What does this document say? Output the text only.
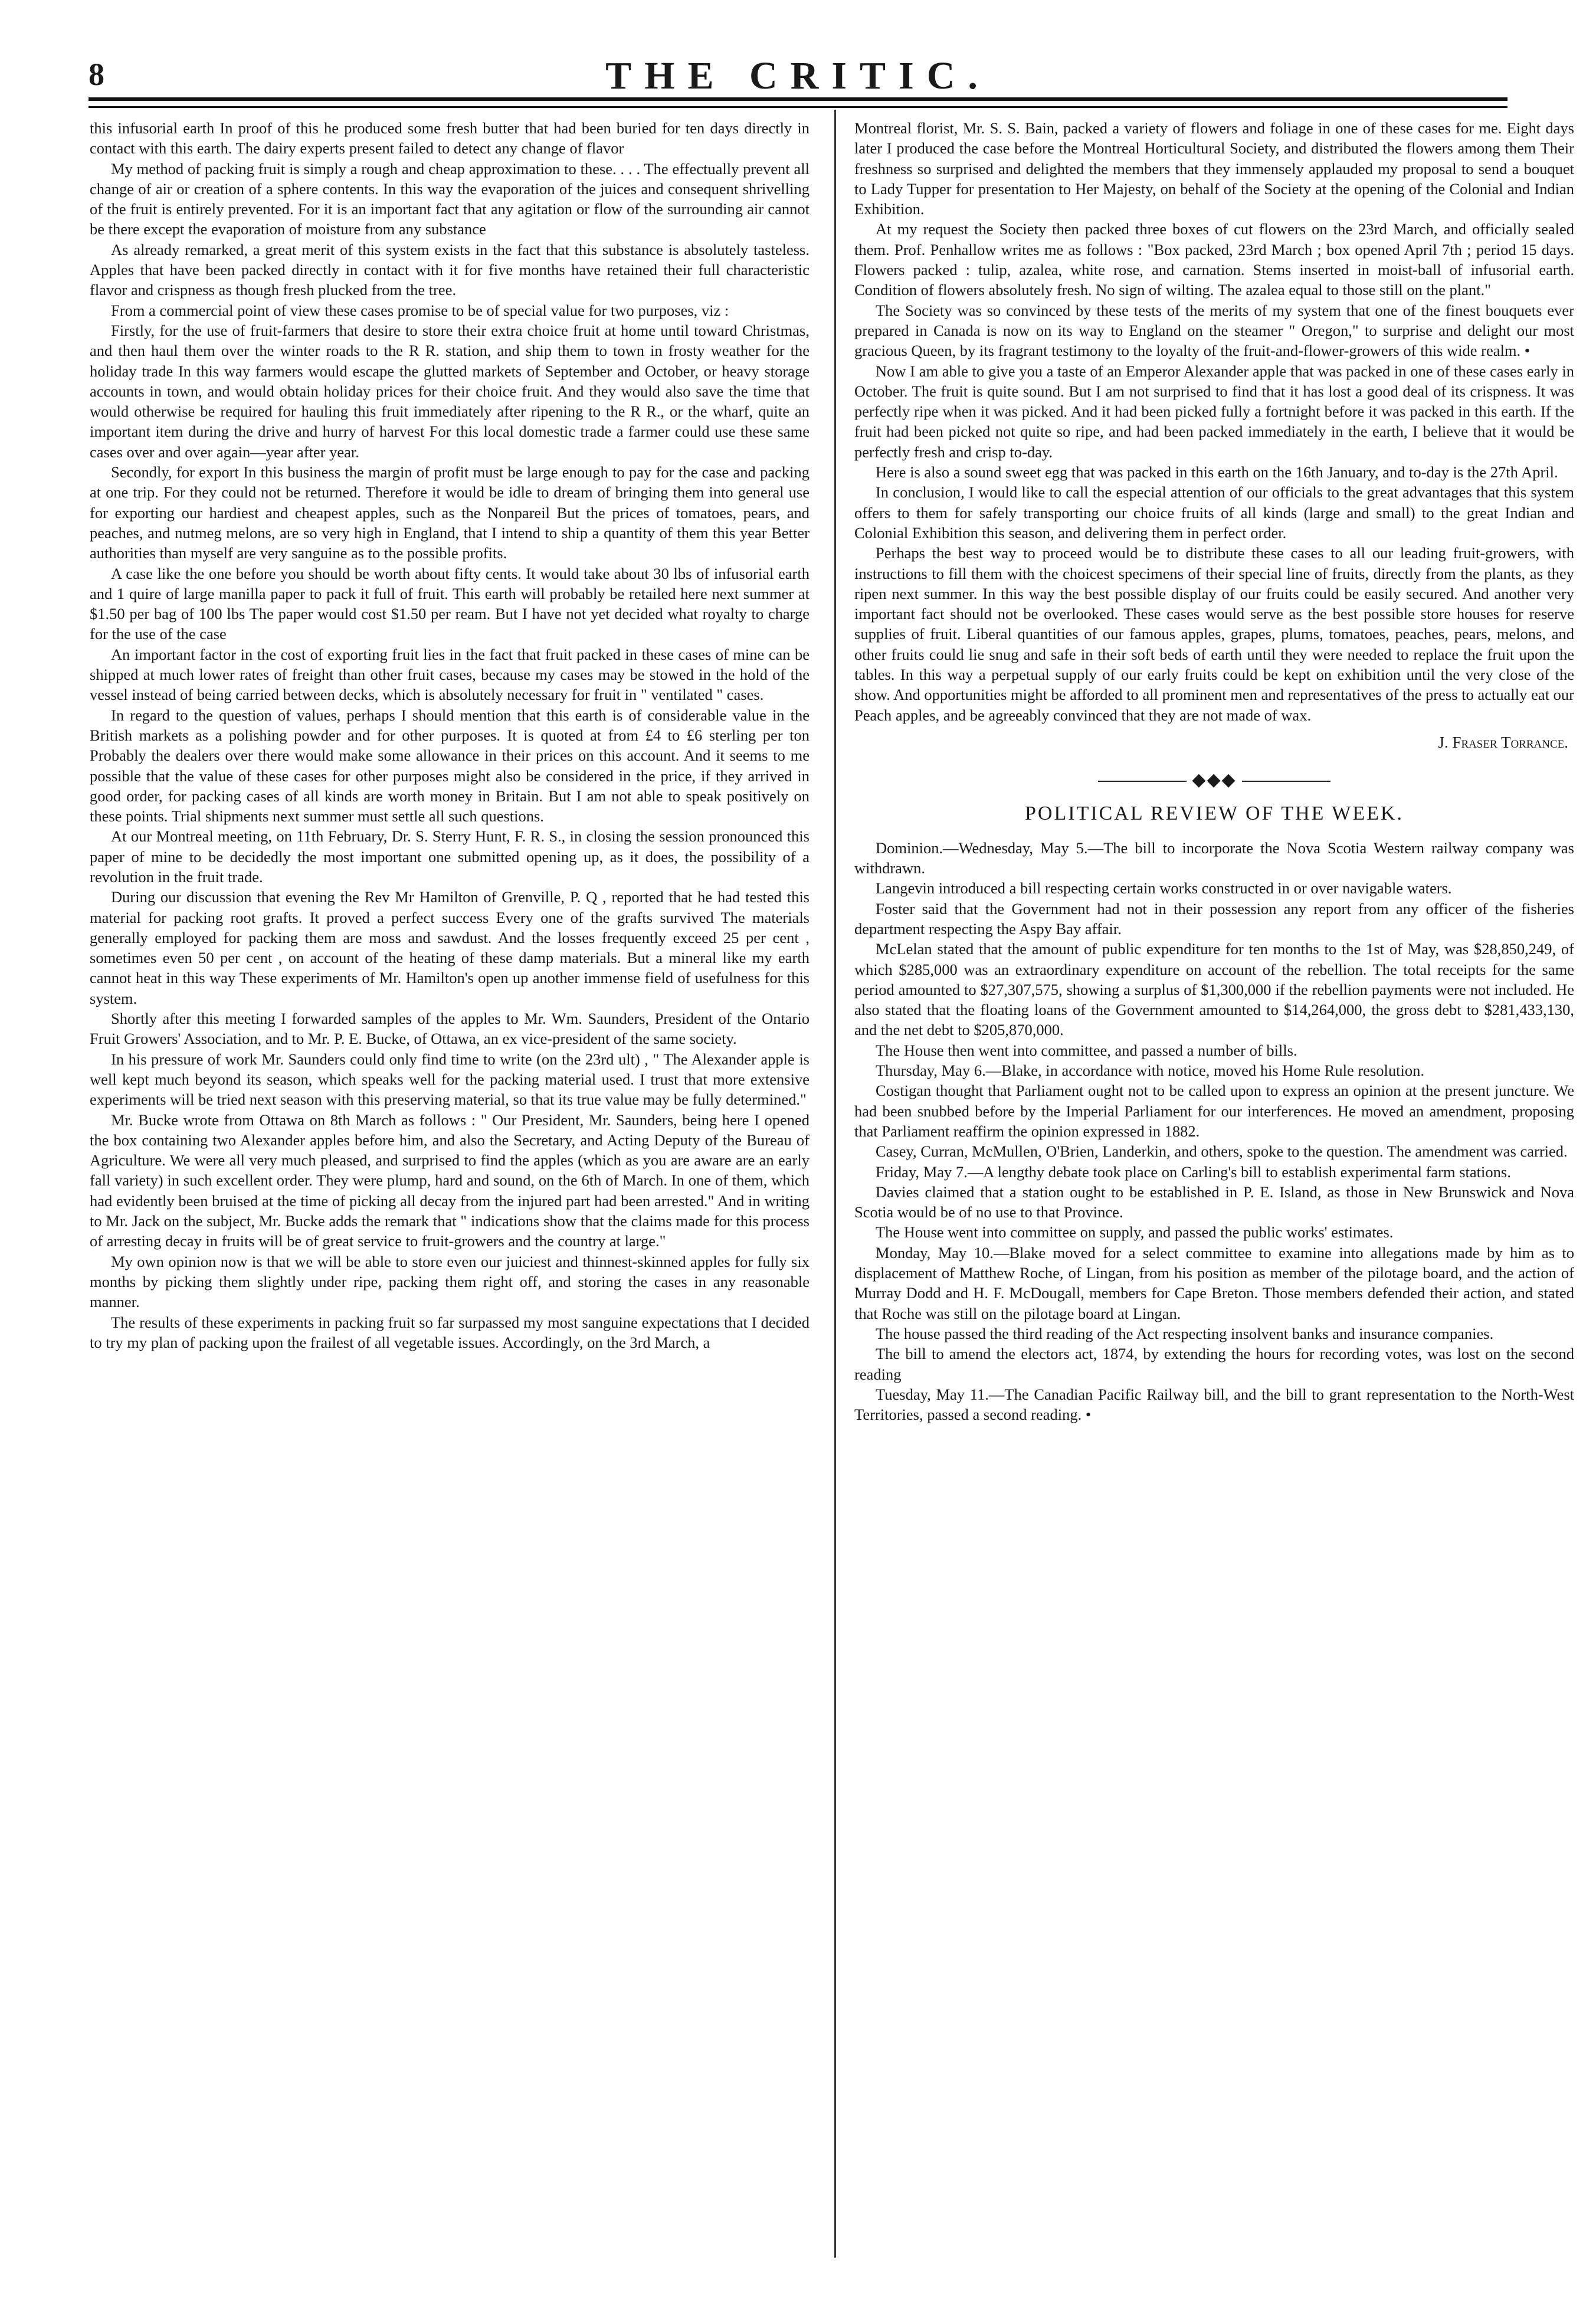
8	THE CRITIC.

this infusorial earth In proof of this he produced some fresh butter that had been buried for ten days directly in contact with this earth. The dairy experts present failed to detect any change of flavor

My method of packing fruit is simply a rough and cheap approximation to these. . . . The effectually prevent all change of air or creation of a sphere contents. In this way the evaporation of the juices and consequent shrivelling of the fruit is entirely prevented. For it is an important fact that any agitation or flow of the surrounding air cannot be there except the evaporation of moisture from any substance

As already remarked, a great merit of this system exists in the fact that this substance is absolutely tasteless. Apples that have been packed directly in contact with it for five months have retained their full characteristic flavor and crispness as though fresh plucked from the tree.

From a commercial point of view these cases promise to be of special value for two purposes, viz :

Firstly, for the use of fruit-farmers that desire to store their extra choice fruit at home until toward Christmas, and then haul them over the winter roads to the R R. station, and ship them to town in frosty weather for the holiday trade In this way farmers would escape the glutted markets of September and October, or heavy storage accounts in town, and would obtain holiday prices for their choice fruit. And they would also save the time that would otherwise be required for hauling this fruit immediately after ripening to the R R., or the wharf, quite an important item during the drive and hurry of harvest For this local domestic trade a farmer could use these same cases over and over again—year after year.

Secondly, for export In this business the margin of profit must be large enough to pay for the case and packing at one trip. For they could not be returned. Therefore it would be idle to dream of bringing them into general use for exporting our hardiest and cheapest apples, such as the Nonpareil But the prices of tomatoes, pears, and peaches, and nutmeg melons, are so very high in England, that I intend to ship a quantity of them this year Better authorities than myself are very sanguine as to the possible profits.

A case like the one before you should be worth about fifty cents. It would take about 30 lbs of infusorial earth and 1 quire of large manilla paper to pack it full of fruit. This earth will probably be retailed here next summer at $1.50 per bag of 100 lbs The paper would cost $1.50 per ream. But I have not yet decided what royalty to charge for the use of the case

An important factor in the cost of exporting fruit lies in the fact that fruit packed in these cases of mine can be shipped at much lower rates of freight than other fruit cases, because my cases may be stowed in the hold of the vessel instead of being carried between decks, which is absolutely necessary for fruit in " ventilated " cases.

In regard to the question of values, perhaps I should mention that this earth is of considerable value in the British markets as a polishing powder and for other purposes. It is quoted at from £4 to £6 sterling per ton Probably the dealers over there would make some allowance in their prices on this account. And it seems to me possible that the value of these cases for other purposes might also be considered in the price, if they arrived in good order, for packing cases of all kinds are worth money in Britain. But I am not able to speak positively on these points. Trial shipments next summer must settle all such questions.

At our Montreal meeting, on 11th February, Dr. S. Sterry Hunt, F. R. S., in closing the session pronounced this paper of mine to be decidedly the most important one submitted opening up, as it does, the possibility of a revolution in the fruit trade.

During our discussion that evening the Rev Mr Hamilton of Grenville, P. Q , reported that he had tested this material for packing root grafts. It proved a perfect success Every one of the grafts survived The materials generally employed for packing them are moss and sawdust. And the losses frequently exceed 25 per cent , sometimes even 50 per cent , on account of the heating of these damp materials. But a mineral like my earth cannot heat in this way These experiments of Mr. Hamilton's open up another immense field of usefulness for this system.

Shortly after this meeting I forwarded samples of the apples to Mr. Wm. Saunders, President of the Ontario Fruit Growers' Association, and to Mr. P. E. Bucke, of Ottawa, an ex vice-president of the same society.

In his pressure of work Mr. Saunders could only find time to write (on the 23rd ult) , " The Alexander apple is well kept much beyond its season, which speaks well for the packing material used. I trust that more extensive experiments will be tried next season with this preserving material, so that its true value may be fully determined."

Mr. Bucke wrote from Ottawa on 8th March as follows : " Our President, Mr. Saunders, being here I opened the box containing two Alexander apples before him, and also the Secretary, and Acting Deputy of the Bureau of Agriculture. We were all very much pleased, and surprised to find the apples (which as you are aware are an early fall variety) in such excellent order. They were plump, hard and sound, on the 6th of March. In one of them, which had evidently been bruised at the time of picking all decay from the injured part had been arrested." And in writing to Mr. Jack on the subject, Mr. Bucke adds the remark that " indications show that the claims made for this process of arresting decay in fruits will be of great service to fruit-growers and the country at large."

My own opinion now is that we will be able to store even our juiciest and thinnest-skinned apples for fully six months by picking them slightly under ripe, packing them right off, and storing the cases in any reasonable manner.

The results of these experiments in packing fruit so far surpassed my most sanguine expectations that I decided to try my plan of packing upon the frailest of all vegetable issues. Accordingly, on the 3rd March, a

Montreal florist, Mr. S. S. Bain, packed a variety of flowers and foliage in one of these cases for me. Eight days later I produced the case before the Montreal Horticultural Society, and distributed the flowers among them Their freshness so surprised and delighted the members that they immensely applauded my proposal to send a bouquet to Lady Tupper for presentation to Her Majesty, on behalf of the Society at the opening of the Colonial and Indian Exhibition.

At my request the Society then packed three boxes of cut flowers on the 23rd March, and officially sealed them. Prof. Penhallow writes me as follows : "Box packed, 23rd March ; box opened April 7th ; period 15 days. Flowers packed : tulip, azalea, white rose, and carnation. Stems inserted in moist-ball of infusorial earth. Condition of flowers absolutely fresh. No sign of wilting. The azalea equal to those still on the plant."

The Society was so convinced by these tests of the merits of my system that one of the finest bouquets ever prepared in Canada is now on its way to England on the steamer " Oregon," to surprise and delight our most gracious Queen, by its fragrant testimony to the loyalty of the fruit-and-flower-growers of this wide realm. •

Now I am able to give you a taste of an Emperor Alexander apple that was packed in one of these cases early in October. The fruit is quite sound. But I am not surprised to find that it has lost a good deal of its crispness. It was perfectly ripe when it was picked. And it had been picked fully a fortnight before it was packed in this earth. If the fruit had been picked not quite so ripe, and had been packed immediately in the earth, I believe that it would be perfectly fresh and crisp to-day.

Here is also a sound sweet egg that was packed in this earth on the 16th January, and to-day is the 27th April.

In conclusion, I would like to call the especial attention of our officials to the great advantages that this system offers to them for safely transporting our choice fruits of all kinds (large and small) to the great Indian and Colonial Exhibition this season, and delivering them in perfect order.

Perhaps the best way to proceed would be to distribute these cases to all our leading fruit-growers, with instructions to fill them with the choicest specimens of their special line of fruits, directly from the plants, as they ripen next summer. In this way the best possible display of our fruits could be easily secured. And another very important fact should not be overlooked. These cases would serve as the best possible store houses for reserve supplies of fruit. Liberal quantities of our famous apples, grapes, plums, tomatoes, peaches, pears, melons, and other fruits could lie snug and safe in their soft beds of earth until they were needed to replace the fruit upon the tables. In this way a perpetual supply of our early fruits could be kept on exhibition until the very close of the show. And opportunities might be afforded to all prominent men and representatives of the press to actually eat our Peach apples, and be agreeably convinced that they are not made of wax.

J. Fraser Torrance.
◆◆◆
POLITICAL REVIEW OF THE WEEK.

Dominion.—Wednesday, May 5.—The bill to incorporate the Nova Scotia Western railway company was withdrawn.

Langevin introduced a bill respecting certain works constructed in or over navigable waters.

Foster said that the Government had not in their possession any report from any officer of the fisheries department respecting the Aspy Bay affair.

McLelan stated that the amount of public expenditure for ten months to the 1st of May, was $28,850,249, of which $285,000 was an extraordinary expenditure on account of the rebellion. The total receipts for the same period amounted to $27,307,575, showing a surplus of $1,300,000 if the rebellion payments were not included. He also stated that the floating loans of the Government amounted to $14,264,000, the gross debt to $281,433,130, and the net debt to $205,870,000.

The House then went into committee, and passed a number of bills.

Thursday, May 6.—Blake, in accordance with notice, moved his Home Rule resolution.

Costigan thought that Parliament ought not to be called upon to express an opinion at the present juncture. We had been snubbed before by the Imperial Parliament for our interferences. He moved an amendment, proposing that Parliament reaffirm the opinion expressed in 1882.

Casey, Curran, McMullen, O'Brien, Landerkin, and others, spoke to the question. The amendment was carried.

Friday, May 7.—A lengthy debate took place on Carling's bill to establish experimental farm stations.

Davies claimed that a station ought to be established in P. E. Island, as those in New Brunswick and Nova Scotia would be of no use to that Province.

The House went into committee on supply, and passed the public works' estimates.

Monday, May 10.—Blake moved for a select committee to examine into allegations made by him as to displacement of Matthew Roche, of Lingan, from his position as member of the pilotage board, and the action of Murray Dodd and H. F. McDougall, members for Cape Breton. Those members defended their action, and stated that Roche was still on the pilotage board at Lingan.

The house passed the third reading of the Act respecting insolvent banks and insurance companies.

The bill to amend the electors act, 1874, by extending the hours for recording votes, was lost on the second reading

Tuesday, May 11.—The Canadian Pacific Railway bill, and the bill to grant representation to the North-West Territories, passed a second reading. •
